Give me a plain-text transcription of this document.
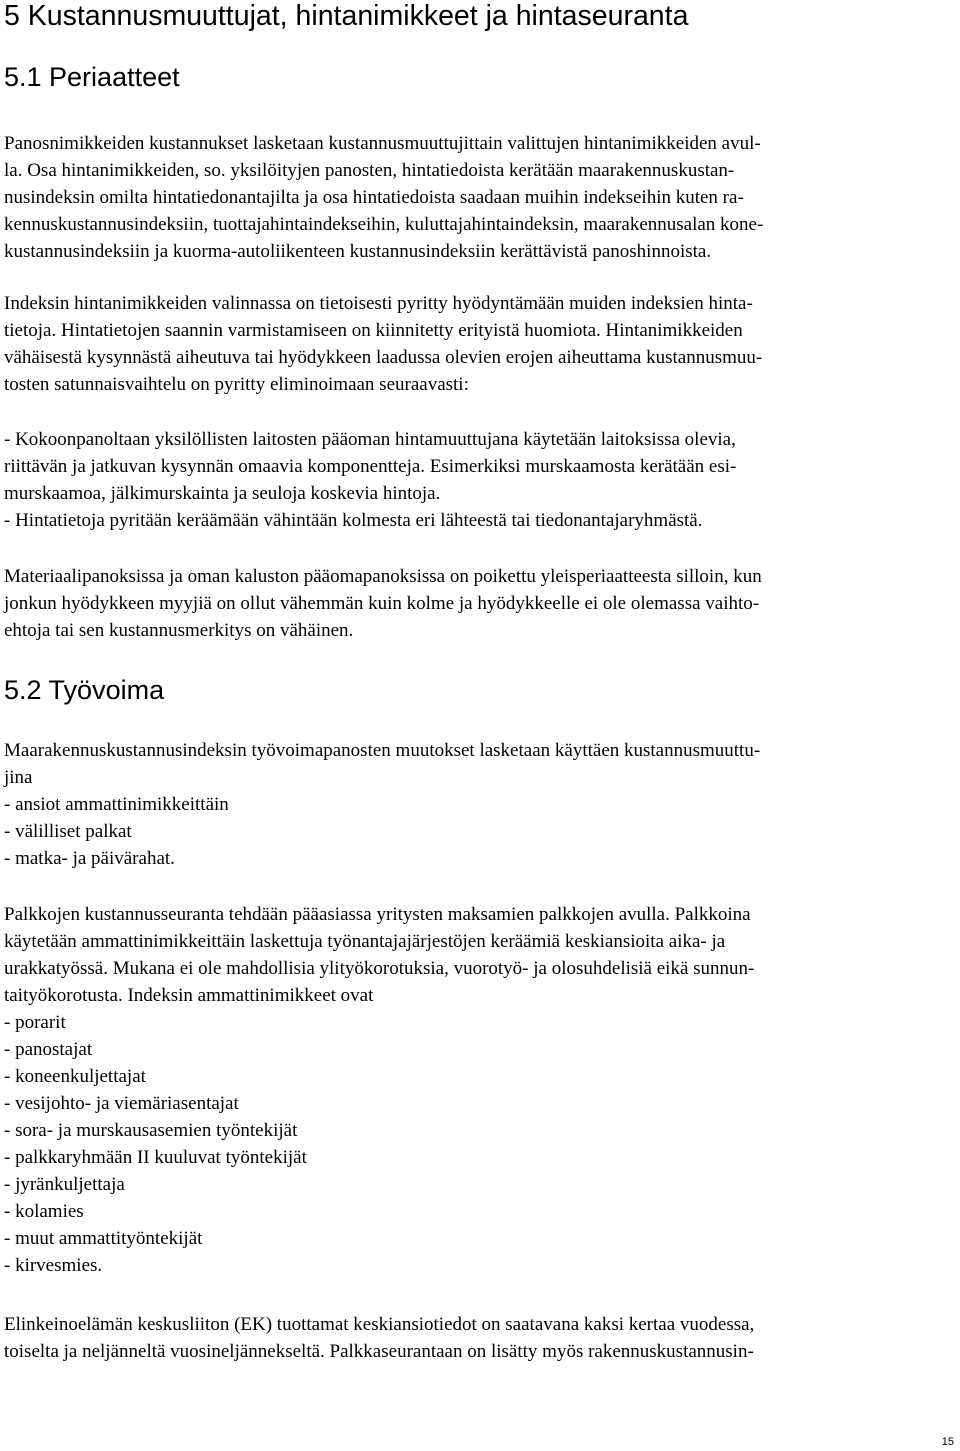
5 Kustannusmuuttujat, hintanimikkeet ja hintaseuranta
5.1 Periaatteet
Panosnimikkeiden kustannukset lasketaan kustannusmuuttujittain valittujen hintanimikkeiden avul-
la. Osa hintanimikkeiden, so. yksilöityjen panosten, hintatiedoista kerätään maarakennuskustan-
nusindeksin omilta hintatiedonantajilta ja osa hintatiedoista saadaan muihin indekseihin kuten ra-
kennuskustannusindeksiin, tuottajahintaindekseihin, kuluttajahintaindeksin, maarakennusalan kone-
kustannusindeksiin ja kuorma-autoliikenteen kustannusindeksiin kerättävistä panoshinnoista.
Indeksin hintanimikkeiden valinnassa on tietoisesti pyritty hyödyntämään muiden indeksien hinta-
tietoja. Hintatietojen saannin varmistamiseen on kiinnitetty erityistä huomiota. Hintanimikkeiden
vähäisestä kysynnästä aiheutuva tai hyödykkeen laadussa olevien erojen aiheuttama kustannusmuu-
tosten satunnaisvaihtelu on pyritty eliminoimaan seuraavasti:
- Kokoonpanoltaan yksilöllisten laitosten pääoman hintamuuttujana käytetään laitoksissa olevia,
riittävän ja jatkuvan kysynnän omaavia komponentteja. Esimerkiksi murskaamosta kerätään esi-
murskaamoa, jälkimurskainta ja seuloja koskevia hintoja.
- Hintatietoja pyritään keräämään vähintään kolmesta eri lähteestä tai tiedonantajaryhmästä.
Materiaalipanoksissa ja oman kaluston pääomapanoksissa on poikettu yleisperiaatteesta silloin, kun
jonkun hyödykkeen myyjiä on ollut vähemmän kuin kolme ja hyödykkeelle ei ole olemassa vaihto-
ehtoja tai sen kustannusmerkitys on vähäinen.
5.2 Työvoima
Maarakennuskustannusindeksin työvoimapanosten muutokset lasketaan käyttäen kustannusmuuttu-
jina
- ansiot ammattinimikkeittäin
- välilliset palkat
- matka- ja päivärahat.
Palkkojen kustannusseuranta tehdään pääasiassa yritysten maksamien palkkojen avulla. Palkkoina
käytetään ammattinimikkeittäin laskettuja työnantajajärjestöjen keräämiä keskiansioita aika- ja
urakkatyössä. Mukana ei ole mahdollisia ylityökorotuksia, vuorotyö- ja olosuhdelisiä eikä sunnun-
taityökorotusta. Indeksin ammattinimikkeet ovat
- porarit
- panostajat
- koneenkuljettajat
- vesijohto- ja viemäriasentajat
- sora- ja murskausasemien työntekijät
- palkkaryhmään II kuuluvat työntekijät
- jyränkuljettaja
- kolamies
- muut ammattityöntekijät
- kirvesmies.
Elinkeinoelämän keskusliiton (EK) tuottamat keskiansiotiedot on saatavana kaksi kertaa vuodessa,
toiselta ja neljänneltä vuosineljännekseltä. Palkkaseurantaan on lisätty myös rakennuskustannusin-
15
